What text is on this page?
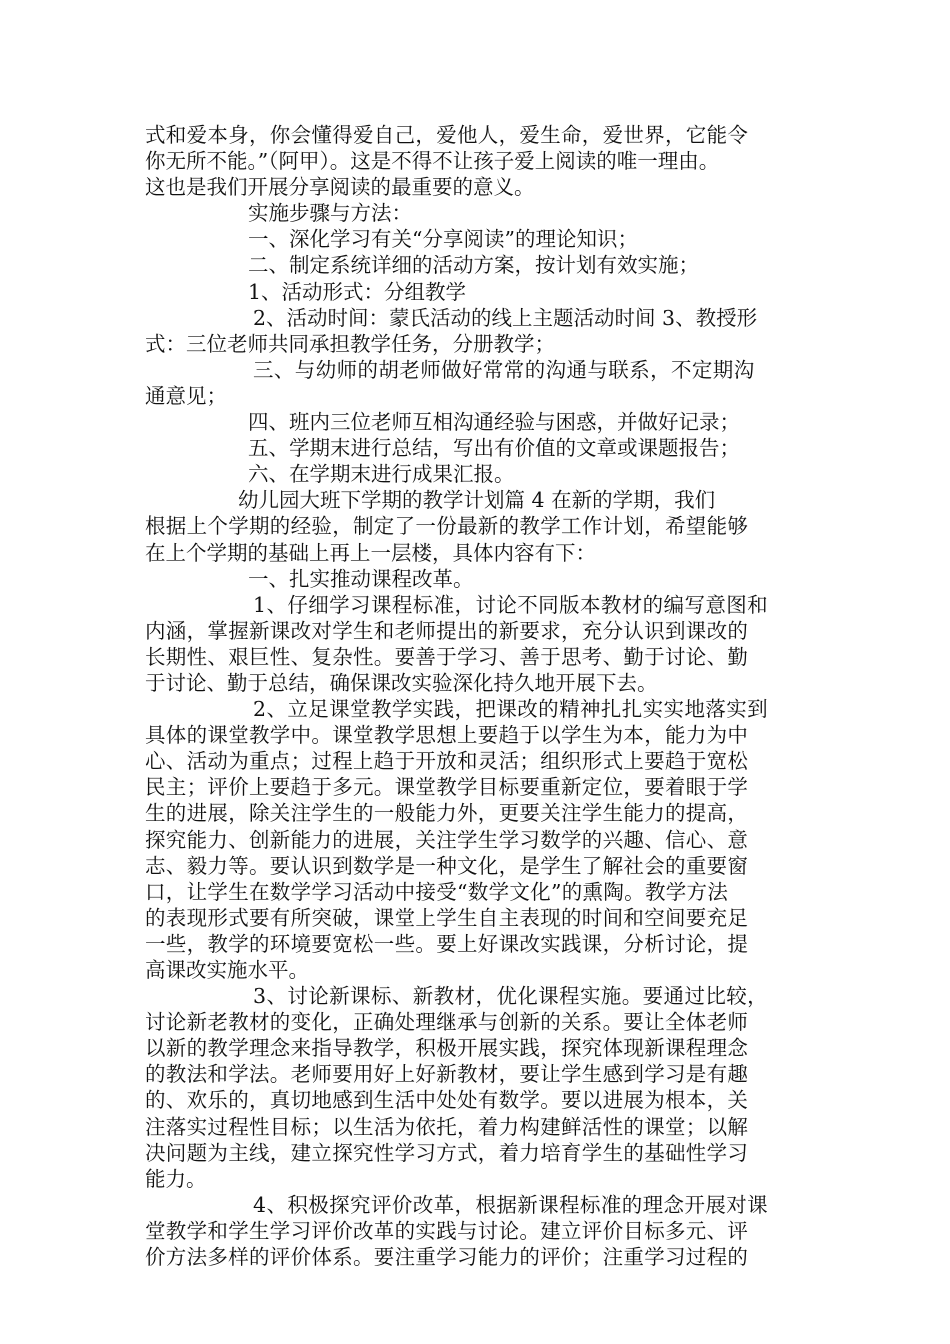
式和爱本身，你会懂得爱自己，爱他人，爱生命，爱世界，它能令
你无所不能。”（阿甲）。这是不得不让孩子爱上阅读的唯一理由。
这也是我们开展分享阅读的最重要的意义。
实施步骤与方法：
一、深化学习有关“分享阅读”的理论知识；
二、制定系统详细的活动方案，按计划有效实施；
1、活动形式：分组教学
2、活动时间：蒙氏活动的线上主题活动时间 3、教授形
式：三位老师共同承担教学任务，分册教学；
三、与幼师的胡老师做好常常的沟通与联系，不定期沟
通意见；
四、班内三位老师互相沟通经验与困惑，并做好记录；
五、学期末进行总结，写出有价值的文章或课题报告；
六、在学期末进行成果汇报。
幼儿园大班下学期的教学计划篇 4 在新的学期，我们
根据上个学期的经验，制定了一份最新的教学工作计划，希望能够
在上个学期的基础上再上一层楼，具体内容有下：
一、扎实推动课程改革。
1、仔细学习课程标准，讨论不同版本教材的编写意图和
内涵，掌握新课改对学生和老师提出的新要求，充分认识到课改的
长期性、艰巨性、复杂性。要善于学习、善于思考、勤于讨论、勤
于讨论、勤于总结，确保课改实验深化持久地开展下去。
2、立足课堂教学实践，把课改的精神扎扎实实地落实到
具体的课堂教学中。课堂教学思想上要趋于以学生为本，能力为中
心、活动为重点；过程上趋于开放和灵活；组织形式上要趋于宽松
民主；评价上要趋于多元。课堂教学目标要重新定位，要着眼于学
生的进展，除关注学生的一般能力外，更要关注学生能力的提高，
探究能力、创新能力的进展，关注学生学习数学的兴趣、信心、意
志、毅力等。要认识到数学是一种文化，是学生了解社会的重要窗
口，让学生在数学学习活动中接受“数学文化”的熏陶。教学方法
的表现形式要有所突破，课堂上学生自主表现的时间和空间要充足
一些，教学的环境要宽松一些。要上好课改实践课，分析讨论，提
高课改实施水平。
3、讨论新课标、新教材，优化课程实施。要通过比较，
讨论新老教材的变化，正确处理继承与创新的关系。要让全体老师
以新的教学理念来指导教学，积极开展实践，探究体现新课程理念
的教法和学法。老师要用好上好新教材，要让学生感到学习是有趣
的、欢乐的，真切地感到生活中处处有数学。要以进展为根本，关
注落实过程性目标；以生活为依托，着力构建鲜活性的课堂；以解
决问题为主线，建立探究性学习方式，着力培育学生的基础性学习
能力。
4、积极探究评价改革，根据新课程标准的理念开展对课
堂教学和学生学习评价改革的实践与讨论。建立评价目标多元、评
价方法多样的评价体系。要注重学习能力的评价；注重学习过程的
